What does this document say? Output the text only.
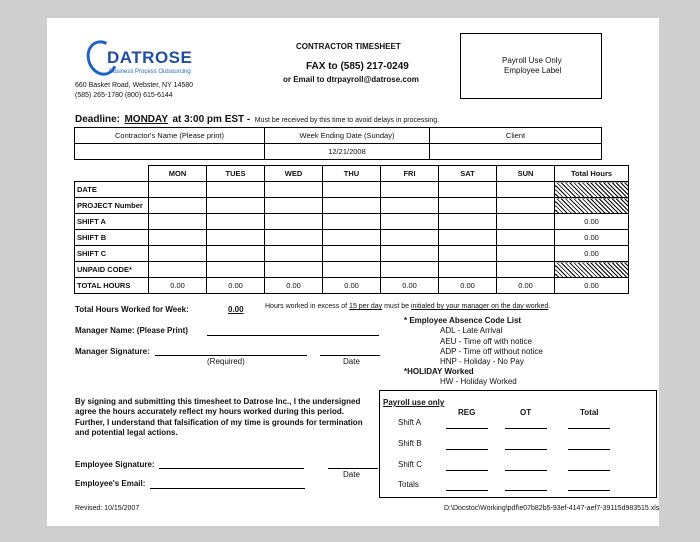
DATROSE
Business Process Outsourcing
660 Basket Road, Webster, NY 14580
(585) 265-1780 (800) 615-6144
CONTRACTOR TIMESHEET
FAX to (585) 217-0249
or Email to dtrpayroll@datrose.com
Payroll Use Only
Employee Label
Deadline: MONDAY at 3:00 pm EST - Must be received by this time to avoid delays in processing.
Contractor's Name (Please print)	Week Ending Date (Sunday)	Client
	12/21/2008	
	MON	TUES	WED	THU	FRI	SAT	SUN	Total Hours
DATE								
PROJECT Number								
SHIFT A								0.00
SHIFT B								0.00
SHIFT C								0.00
UNPAID CODE*								
TOTAL HOURS	0.00	0.00	0.00	0.00	0.00	0.00	0.00	0.00
Total Hours Worked for Week:	0.00	Hours worked in excess of 15 per day must be initialed by your manager on the day worked.
Manager Name: (Please Print)
Manager Signature:
(Required)	Date
* Employee Absence Code List
ADL - Late Arrival
AEU - Time off with notice
ADP - Time off without notice
HNP - Holiday - No Pay
*HOLIDAY Worked
HW - Holiday Worked
By signing and submitting this timesheet to Datrose Inc., I the undersigned
agree the hours accurately reflect my hours worked during this period.
Further, I understand that falsification of my time is grounds for termination
and potential legal actions.
Employee Signature:
Date
Employee's Email:
Payroll use only
REG	OT	Total
Shift A
Shift B
Shift C
Totals
Revised: 10/15/2007	D:\Docstoc\Working\pdf\e07b82b5-93ef-4147-aef7-39115d983515.xls
